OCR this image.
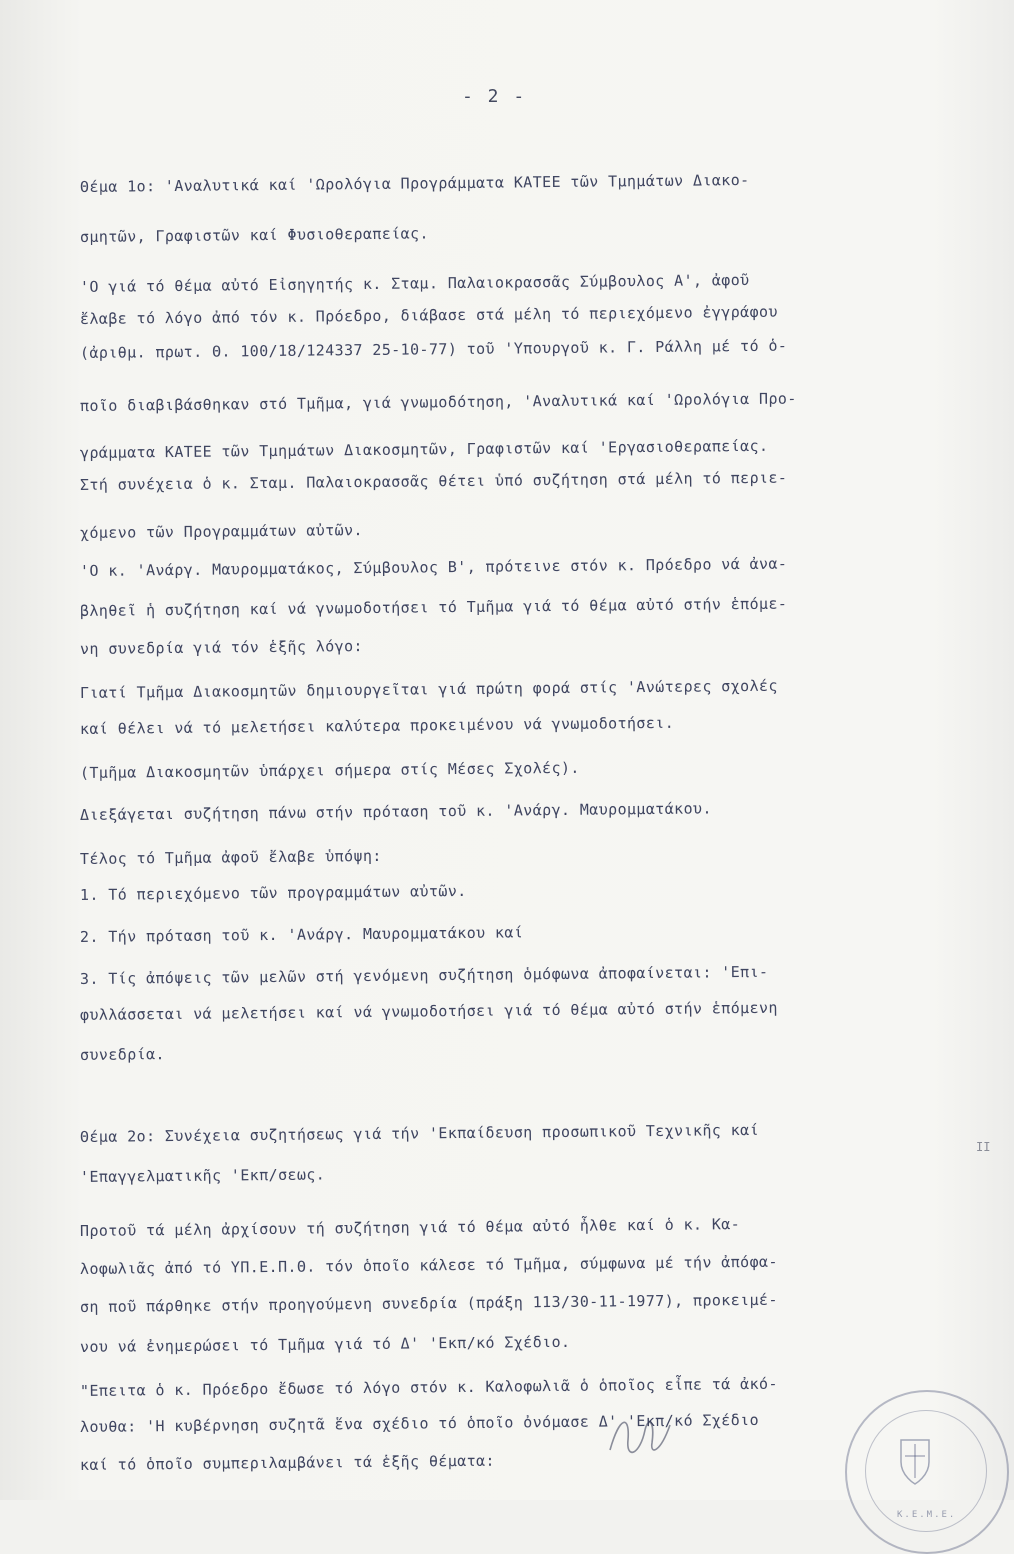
- 2 -
Θέμα 1ο: 'Αναλυτικά καί 'Ωρολόγια Προγράμματα ΚΑΤΕΕ τῶν Τμημάτων Διακο-
σμητῶν, Γραφιστῶν καί Φυσιοθεραπείας.
'Ο γιά τό θέμα αὐτό Εἰσηγητής κ. Σταμ. Παλαιοκρασσᾶς Σύμβουλος Α', ἀφοῦ
ἔλαβε τό λόγο ἀπό τόν κ. Πρόεδρο, διάβασε στά μέλη τό περιεχόμενο ἐγγράφου
(ἀριθμ. πρωτ. Θ. 100/18/124337 25-10-77) τοῦ 'Υπουργοῦ κ. Γ. Ράλλη μέ τό ὁ-
ποῖο διαβιβάσθηκαν στό Τμῆμα, γιά γνωμοδότηση, 'Αναλυτικά καί 'Ωρολόγια Προ-
γράμματα ΚΑΤΕΕ τῶν Τμημάτων Διακοσμητῶν, Γραφιστῶν καί 'Εργασιοθεραπείας.
Στή συνέχεια ὁ κ. Σταμ. Παλαιοκρασσᾶς θέτει ὑπό συζήτηση στά μέλη τό περιε-
χόμενο τῶν Προγραμμάτων αὐτῶν.
'Ο κ. 'Ανάργ. Μαυρομματάκος, Σύμβουλος Β', πρότεινε στόν κ. Πρόεδρο νά ἀνα-
βληθεῖ ἡ συζήτηση καί νά γνωμοδοτήσει τό Τμῆμα γιά τό θέμα αὐτό στήν ἑπόμε-
νη συνεδρία γιά τόν ἑξῆς λόγο:
Γιατί Τμῆμα Διακοσμητῶν δημιουργεῖται γιά πρώτη φορά στίς 'Ανώτερες σχολές
καί θέλει νά τό μελετήσει καλύτερα προκειμένου νά γνωμοδοτήσει.
(Τμῆμα Διακοσμητῶν ὑπάρχει σήμερα στίς Μέσες Σχολές).
Διεξάγεται συζήτηση πάνω στήν πρόταση τοῦ κ. 'Ανάργ. Μαυρομματάκου.
Τέλος τό Τμῆμα ἀφοῦ ἔλαβε ὑπόψη:
1. Τό περιεχόμενο τῶν προγραμμάτων αὐτῶν.
2. Τήν πρόταση τοῦ κ. 'Ανάργ. Μαυρομματάκου καί
3. Τίς ἀπόψεις τῶν μελῶν στή γενόμενη συζήτηση ὁμόφωνα ἀποφαίνεται: 'Επι-
φυλλάσσεται νά μελετήσει καί νά γνωμοδοτήσει γιά τό θέμα αὐτό στήν ἑπόμενη
συνεδρία.
Θέμα 2ο: Συνέχεια συζητήσεως γιά τήν 'Εκπαίδευση προσωπικοῦ Τεχνικῆς καί
'Επαγγελματικῆς 'Εκπ/σεως.
Προτοῦ τά μέλη ἀρχίσουν τή συζήτηση γιά τό θέμα αὐτό ἦλθε καί ὁ κ. Κα-
λοφωλιᾶς ἀπό τό ΥΠ.Ε.Π.Θ. τόν ὁποῖο κάλεσε τό Τμῆμα, σύμφωνα μέ τήν ἀπόφα-
ση ποῦ πάρθηκε στήν προηγούμενη συνεδρία (πράξη 113/30-11-1977), προκειμέ-
νου νά ἐνημερώσει τό Τμῆμα γιά τό Δ' 'Εκπ/κό Σχέδιο.
"Επειτα ὁ κ. Πρόεδρο ἔδωσε τό λόγο στόν κ. Καλοφωλιᾶ ὁ ὁποῖος εἶπε τά ἀκό-
λουθα: 'Η κυβέρνηση συζητᾶ ἕνα σχέδιο τό ὁποῖο ὀνόμασε Δ' 'Εκπ/κό Σχέδιο
καί τό ὁποῖο συμπεριλαμβάνει τά ἑξῆς θέματα:
II
Κ.Ε.Μ.Ε.
